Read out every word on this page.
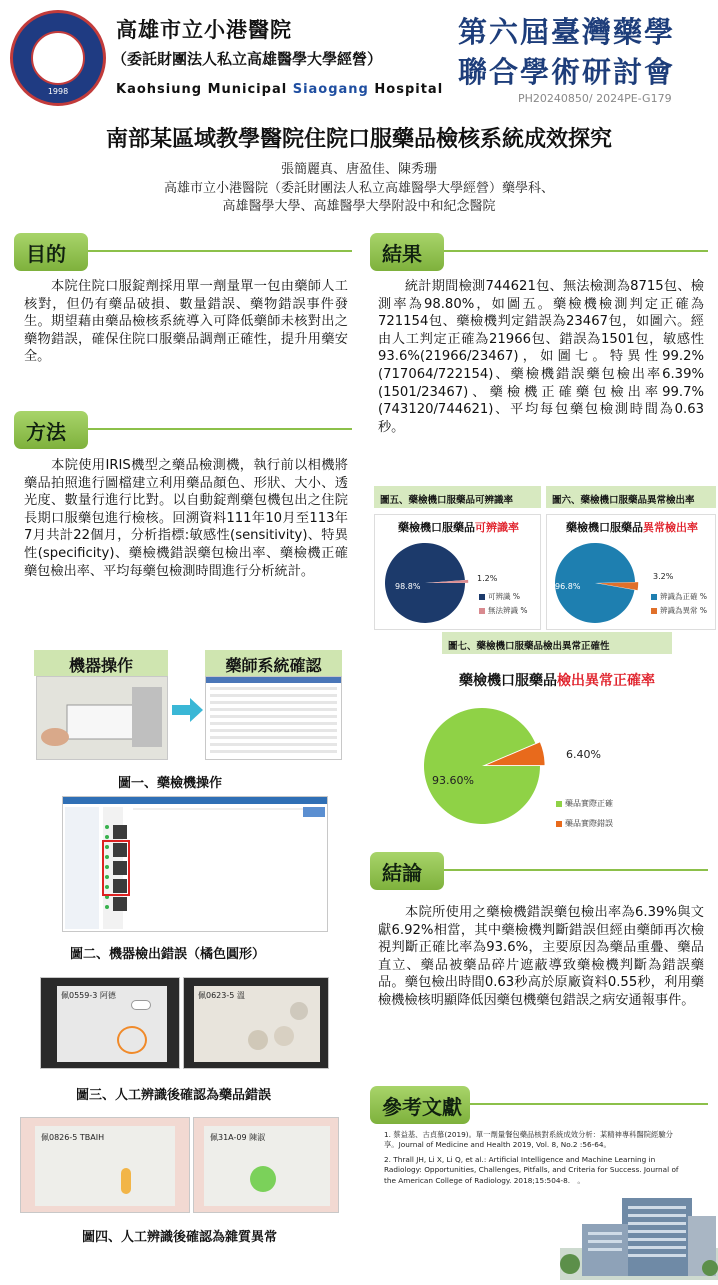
1998
高雄市立小港醫院
（委託財團法人私立高雄醫學大學經營）
Kaohsiung Municipal Siaogang Hospital
第六屆臺灣藥學
聯合學術研討會
PH20240850/ 2024PE-G179
南部某區域教學醫院住院口服藥品檢核系統成效探究
張簡麗真、唐盈佳、陳秀珊
高雄市立小港醫院（委託財團法人私立高雄醫學大學經營）藥學科、
高雄醫學大學、高雄醫學大學附設中和紀念醫院
目的
　　本院住院口服錠劑採用單一劑量單一包由藥師人工核對，但仍有藥品破損、數量錯誤、藥物錯誤事件發生。期望藉由藥品檢核系統導入可降低藥師未核對出之藥物錯誤，確保住院口服藥品調劑正確性，提升用藥安全。
方法
　　本院使用IRIS機型之藥品檢測機，執行前以相機將藥品拍照進行圖檔建立利用藥品顏色、形狀、大小、透光度、數量行進行比對。以自動錠劑藥包機包出之住院長期口服藥包進行檢核。回溯資料111年10月至113年7月共計22個月，分析指標:敏感性(sensitivity)、特異性(specificity)、藥檢機錯誤藥包檢出率、藥檢機正確藥包檢出率、平均每藥包檢測時間進行分析統計。
機器操作	藥師系統確認
圖一、藥檢機操作
圖二、機器檢出錯誤（橘色圓形）
佩0559-3 阿德	佩0623-5 溫
圖三、人工辨識後確認為藥品錯誤
佩0826-5 TBAIH	佩31A-09 陳淑
圖四、人工辨識後確認為雜質異常
結果
　　統計期間檢測744621包、無法檢測為8715包、檢測率為98.80%，如圖五。藥檢機檢測判定正確為721154包、藥檢機判定錯誤為23467包，如圖六。經由人工判定正確為21966包、錯誤為1501包，敏感性93.6%(21966/23467)，如圖七。特異性99.2%(717064/722154)、藥檢機錯誤藥包檢出率6.39%(1501/23467)、藥檢機正確藥包檢出率99.7%(743120/744621)、平均每包藥包檢測時間為0.63秒。
圖五、藥檢機口服藥品可辨識率
藥檢機口服藥品可辨識率
98.8%
1.2%
可辨識 %
無法辨識 %
圖六、藥檢機口服藥品異常檢出率
藥檢機口服藥品異常檢出率
96.8%
3.2%
辨識為正確 %
辨識為異常 %
圖七、藥檢機口服藥品檢出異常正確性
藥檢機口服藥品檢出異常正確率
93.60%
6.40%
藥品實際正確
藥品實際錯誤
結論
　　本院所使用之藥檢機錯誤藥包檢出率為6.39%與文獻6.92%相當，其中藥檢機判斷錯誤但經由藥師再次檢視判斷正確比率為93.6%，主要原因為藥品重疊、藥品直立、藥品被藥品碎片遮蔽導致藥檢機判斷為錯誤藥品。藥包檢出時間0.63秒高於原廠資料0.55秒，利用藥檢機檢核明顯降低因藥包機藥包錯誤之病安通報事件。
參考文獻
1. 蔡益基、古貞慕(2019)。單一劑量餐包藥品核對系統成效分析：某精神專科醫院經驗分享。Journal of Medicine and Health 2019, Vol. 8, No.2 :56-64。
2. Thrall JH, Li X, Li Q, et al.: Artificial Intelligence and Machine Learning in Radiology: Opportunities, Challenges, Pitfalls, and Criteria for Success. Journal of the American College of Radiology. 2018;15:504-8.　。
